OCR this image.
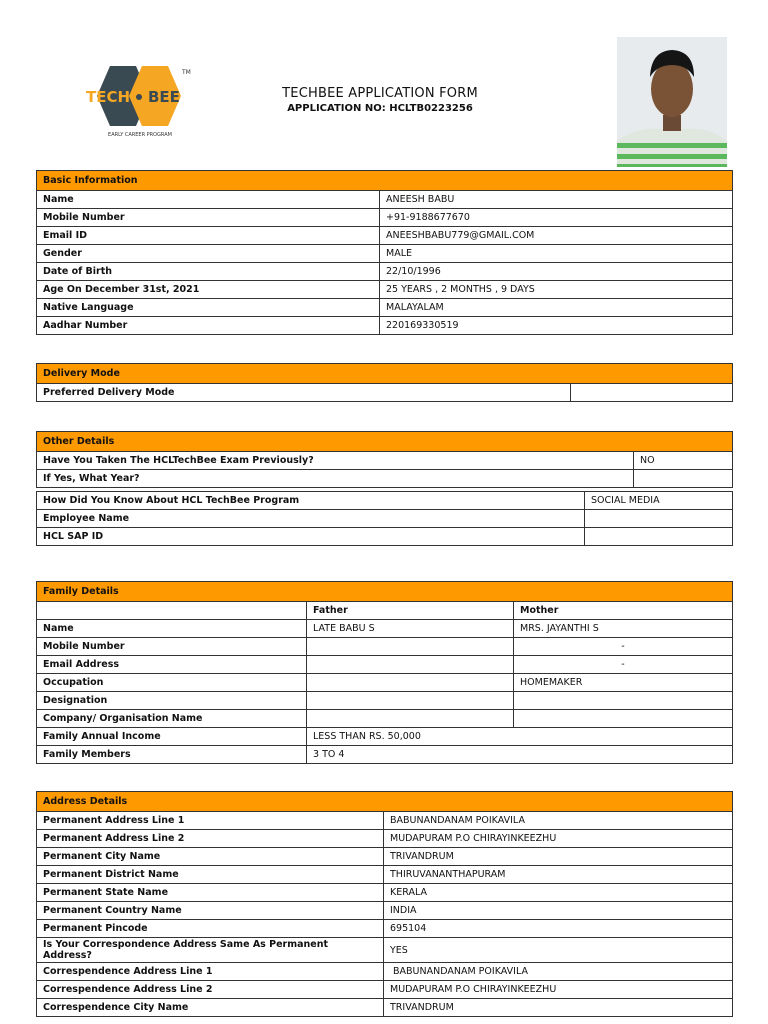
TECH BEE
TM
EARLY CAREER PROGRAM
TECHBEE APPLICATION FORM
APPLICATION NO: HCLTB0223256
Basic Information	
Name	ANEESH BABU
Mobile Number	+91-9188677670
Email ID	ANEESHBABU779@GMAIL.COM
Gender	MALE
Date of Birth	22/10/1996
Age On December 31st, 2021	25 YEARS , 2 MONTHS , 9 DAYS
Native Language	MALAYALAM
Aadhar Number	220169330519
Delivery Mode
Preferred Delivery Mode	
Other Details	
Have You Taken The HCLTechBee Exam Previously?	NO
If Yes, What Year?	
How Did You Know About HCL TechBee Program	SOCIAL MEDIA
Employee Name	
HCL SAP ID	
Family Details		
	Father	Mother
Name	LATE BABU S	MRS. JAYANTHI S
Mobile Number		-
Email Address		-
Occupation		HOMEMAKER
Designation		
Company/ Organisation Name		
Family Annual Income	LESS THAN RS. 50,000	
Family Members	3 TO 4	
Address Details	
Permanent Address Line 1	BABUNANDANAM POIKAVILA
Permanent Address Line 2	MUDAPURAM P.O CHIRAYINKEEZHU
Permanent City Name	TRIVANDRUM
Permanent District Name	THIRUVANANTHAPURAM
Permanent State Name	KERALA
Permanent Country Name	INDIA
Permanent Pincode	695104
Is Your Correspondence Address Same As Permanent Address?	YES
Correspendence Address Line 1	BABUNANDANAM POIKAVILA
Correspendence Address Line 2	MUDAPURAM P.O CHIRAYINKEEZHU
Correspendence City Name	TRIVANDRUM
